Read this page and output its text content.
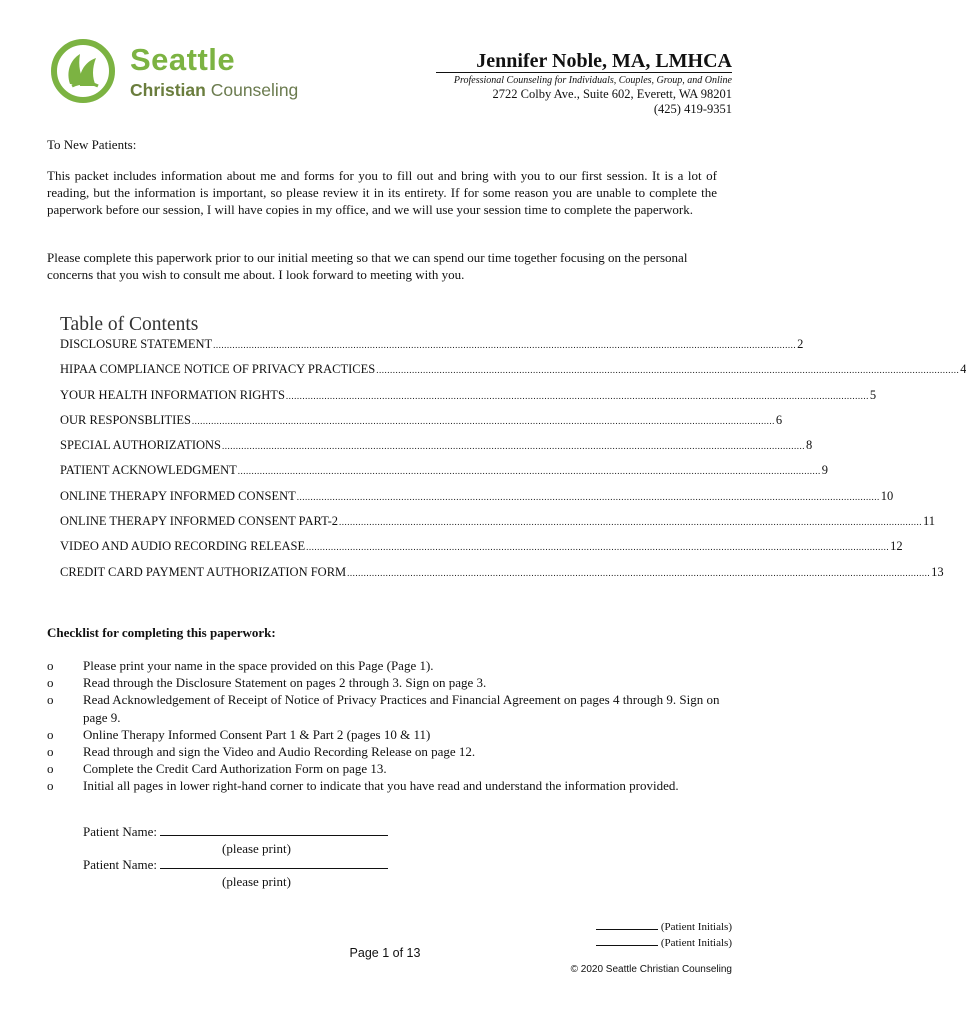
Seattle
Christian Counseling
Jennifer Noble, MA, LMHCA
Professional Counseling for Individuals, Couples, Group, and Online
2722 Colby Ave., Suite 602, Everett, WA 98201
(425) 419-9351
To New Patients:
This packet includes information about me and forms for you to fill out and bring with you to our first session. It is a lot of reading, but the information is important, so please review it in its entirety. If for some reason you are unable to complete the paperwork before our session, I will have copies in my office, and we will use your session time to complete the paperwork.
Please complete this paperwork prior to our initial meeting so that we can spend our time together focusing on the personal concerns that you wish to consult me about. I look forward to meeting with you.
Table of Contents
DISCLOSURE STATEMENT .................................................................................................................................................................................................................... 2
HIPAA COMPLIANCE NOTICE OF PRIVACY PRACTICES .................................................................................................................................................................................................................... 4
YOUR HEALTH INFORMATION RIGHTS .................................................................................................................................................................................................................... 5
OUR RESPONSBLITIES .................................................................................................................................................................................................................... 6
SPECIAL AUTHORIZATIONS .................................................................................................................................................................................................................... 8
PATIENT ACKNOWLEDGMENT .................................................................................................................................................................................................................... 9
ONLINE THERAPY INFORMED CONSENT .................................................................................................................................................................................................................... 10
ONLINE THERAPY INFORMED CONSENT PART-2 .................................................................................................................................................................................................................... 11
VIDEO AND AUDIO RECORDING RELEASE .................................................................................................................................................................................................................... 12
CREDIT CARD PAYMENT AUTHORIZATION FORM .................................................................................................................................................................................................................... 13
Checklist for completing this paperwork:
o	Please print your name in the space provided on this Page (Page 1).
o	Read through the Disclosure Statement on pages 2 through 3. Sign on page 3.
o	Read Acknowledgement of Receipt of Notice of Privacy Practices and Financial Agreement on pages 4 through 9. Sign on page 9.
o	Online Therapy Informed Consent Part 1 & Part 2 (pages 10 & 11)
o	Read through and sign the Video and Audio Recording Release on page 12.
o	Complete the Credit Card Authorization Form on page 13.
o	Initial all pages in lower right-hand corner to indicate that you have read and understand the information provided.
Patient Name:
(please print)
Patient Name:
(please print)
(Patient Initials)
(Patient Initials)
Page 1 of 13
© 2020 Seattle Christian Counseling
